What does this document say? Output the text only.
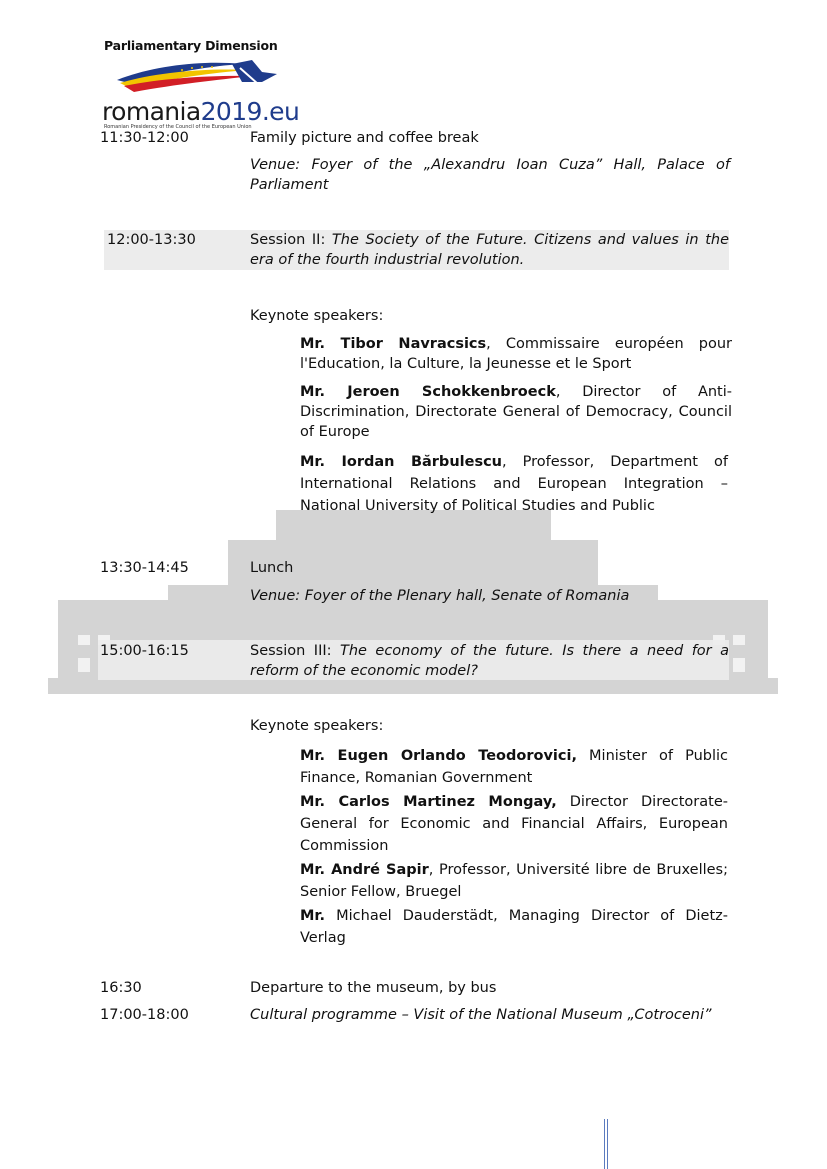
Parliamentary Dimension
romania2019.eu
Romanian Presidency of the Council of the European Union
11:30-12:00	Family picture and coffee break
Venue: Foyer of the „Alexandru Ioan Cuza” Hall, Palace of Parliament
12:00-13:30	Session II: The Society of the Future. Citizens and values in the era of the fourth industrial revolution.
Keynote speakers:
Mr. Tibor Navracsics, Commissaire européen pour l'Education, la Culture, la Jeunesse et le Sport
Mr. Jeroen Schokkenbroeck, Director of Anti-Discrimination, Directorate General of Democracy, Council of Europe
Mr. Iordan Bărbulescu, Professor, Department of International Relations and European Integration – National University of Political Studies and Public
13:30-14:45	Lunch
Venue: Foyer of the Plenary hall, Senate of Romania
15:00-16:15	Session III: The economy of the future. Is there a need for a reform of the economic model?
Keynote speakers:
Mr. Eugen Orlando Teodorovici, Minister of Public Finance, Romanian Government
Mr. Carlos Martinez Mongay, Director Directorate-General for Economic and Financial Affairs, European Commission
Mr. André Sapir, Professor, Université libre de Bruxelles; Senior Fellow, Bruegel
Mr. Michael Dauderstädt, Managing Director of Dietz-Verlag
16:30	Departure to the museum, by bus
17:00-18:00	Cultural programme – Visit of the National Museum „Cotroceni”
